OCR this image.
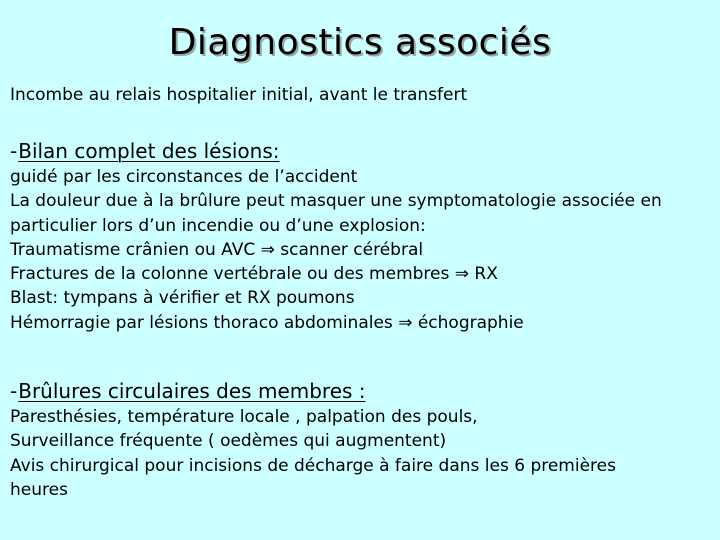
Diagnostics associés
Incombe au relais hospitalier initial, avant le transfert
-Bilan complet des lésions:
guidé par les circonstances de l’accident
La douleur due à la brûlure peut masquer une symptomatologie associée en
particulier lors d’un incendie ou d’une explosion:
Traumatisme crânien ou AVC ⇒ scanner cérébral
Fractures de la colonne vertébrale ou des membres ⇒ RX
Blast: tympans à vérifier et RX poumons
Hémorragie par lésions thoraco abdominales ⇒ échographie
-Brûlures circulaires des membres :
Paresthésies, température locale , palpation des pouls,
Surveillance fréquente ( oedèmes qui augmentent)
Avis chirurgical pour incisions de décharge à faire dans les 6 premières
heures
